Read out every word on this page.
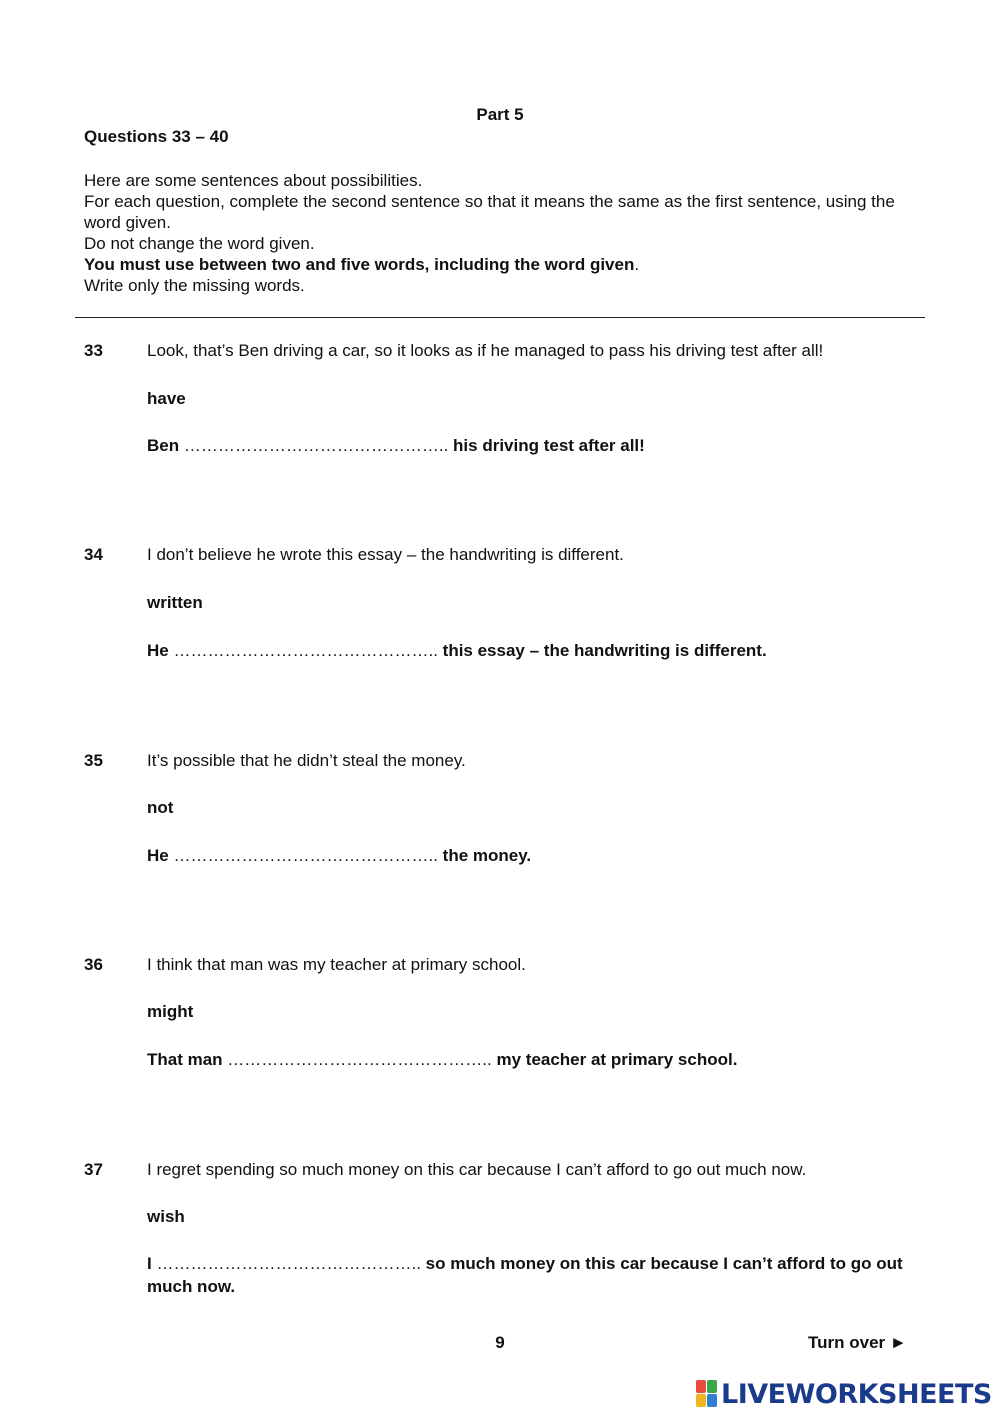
Part 5
Questions 33 – 40
Here are some sentences about possibilities.
For each question, complete the second sentence so that it means the same as the first sentence, using the word given.
Do not change the word given.
You must use between two and five words, including the word given.
Write only the missing words.
33	Look, that’s Ben driving a car, so it looks as if he managed to pass his driving test after all!
have
Ben ……………………………………….. his driving test after all!
34	I don’t believe he wrote this essay – the handwriting is different.
written
He ……………………………………….. this essay – the handwriting is different.
35	It’s possible that he didn’t steal the money.
not
He ……………………………………….. the money.
36	I think that man was my teacher at primary school.
might
That man ……………………………………….. my teacher at primary school.
37	I regret spending so much money on this car because I can’t afford to go out much now.
wish
I ……………………………………….. so much money on this car because I can’t afford to go out much now.
9	Turn over ►
LIVEWORKSHEETS
